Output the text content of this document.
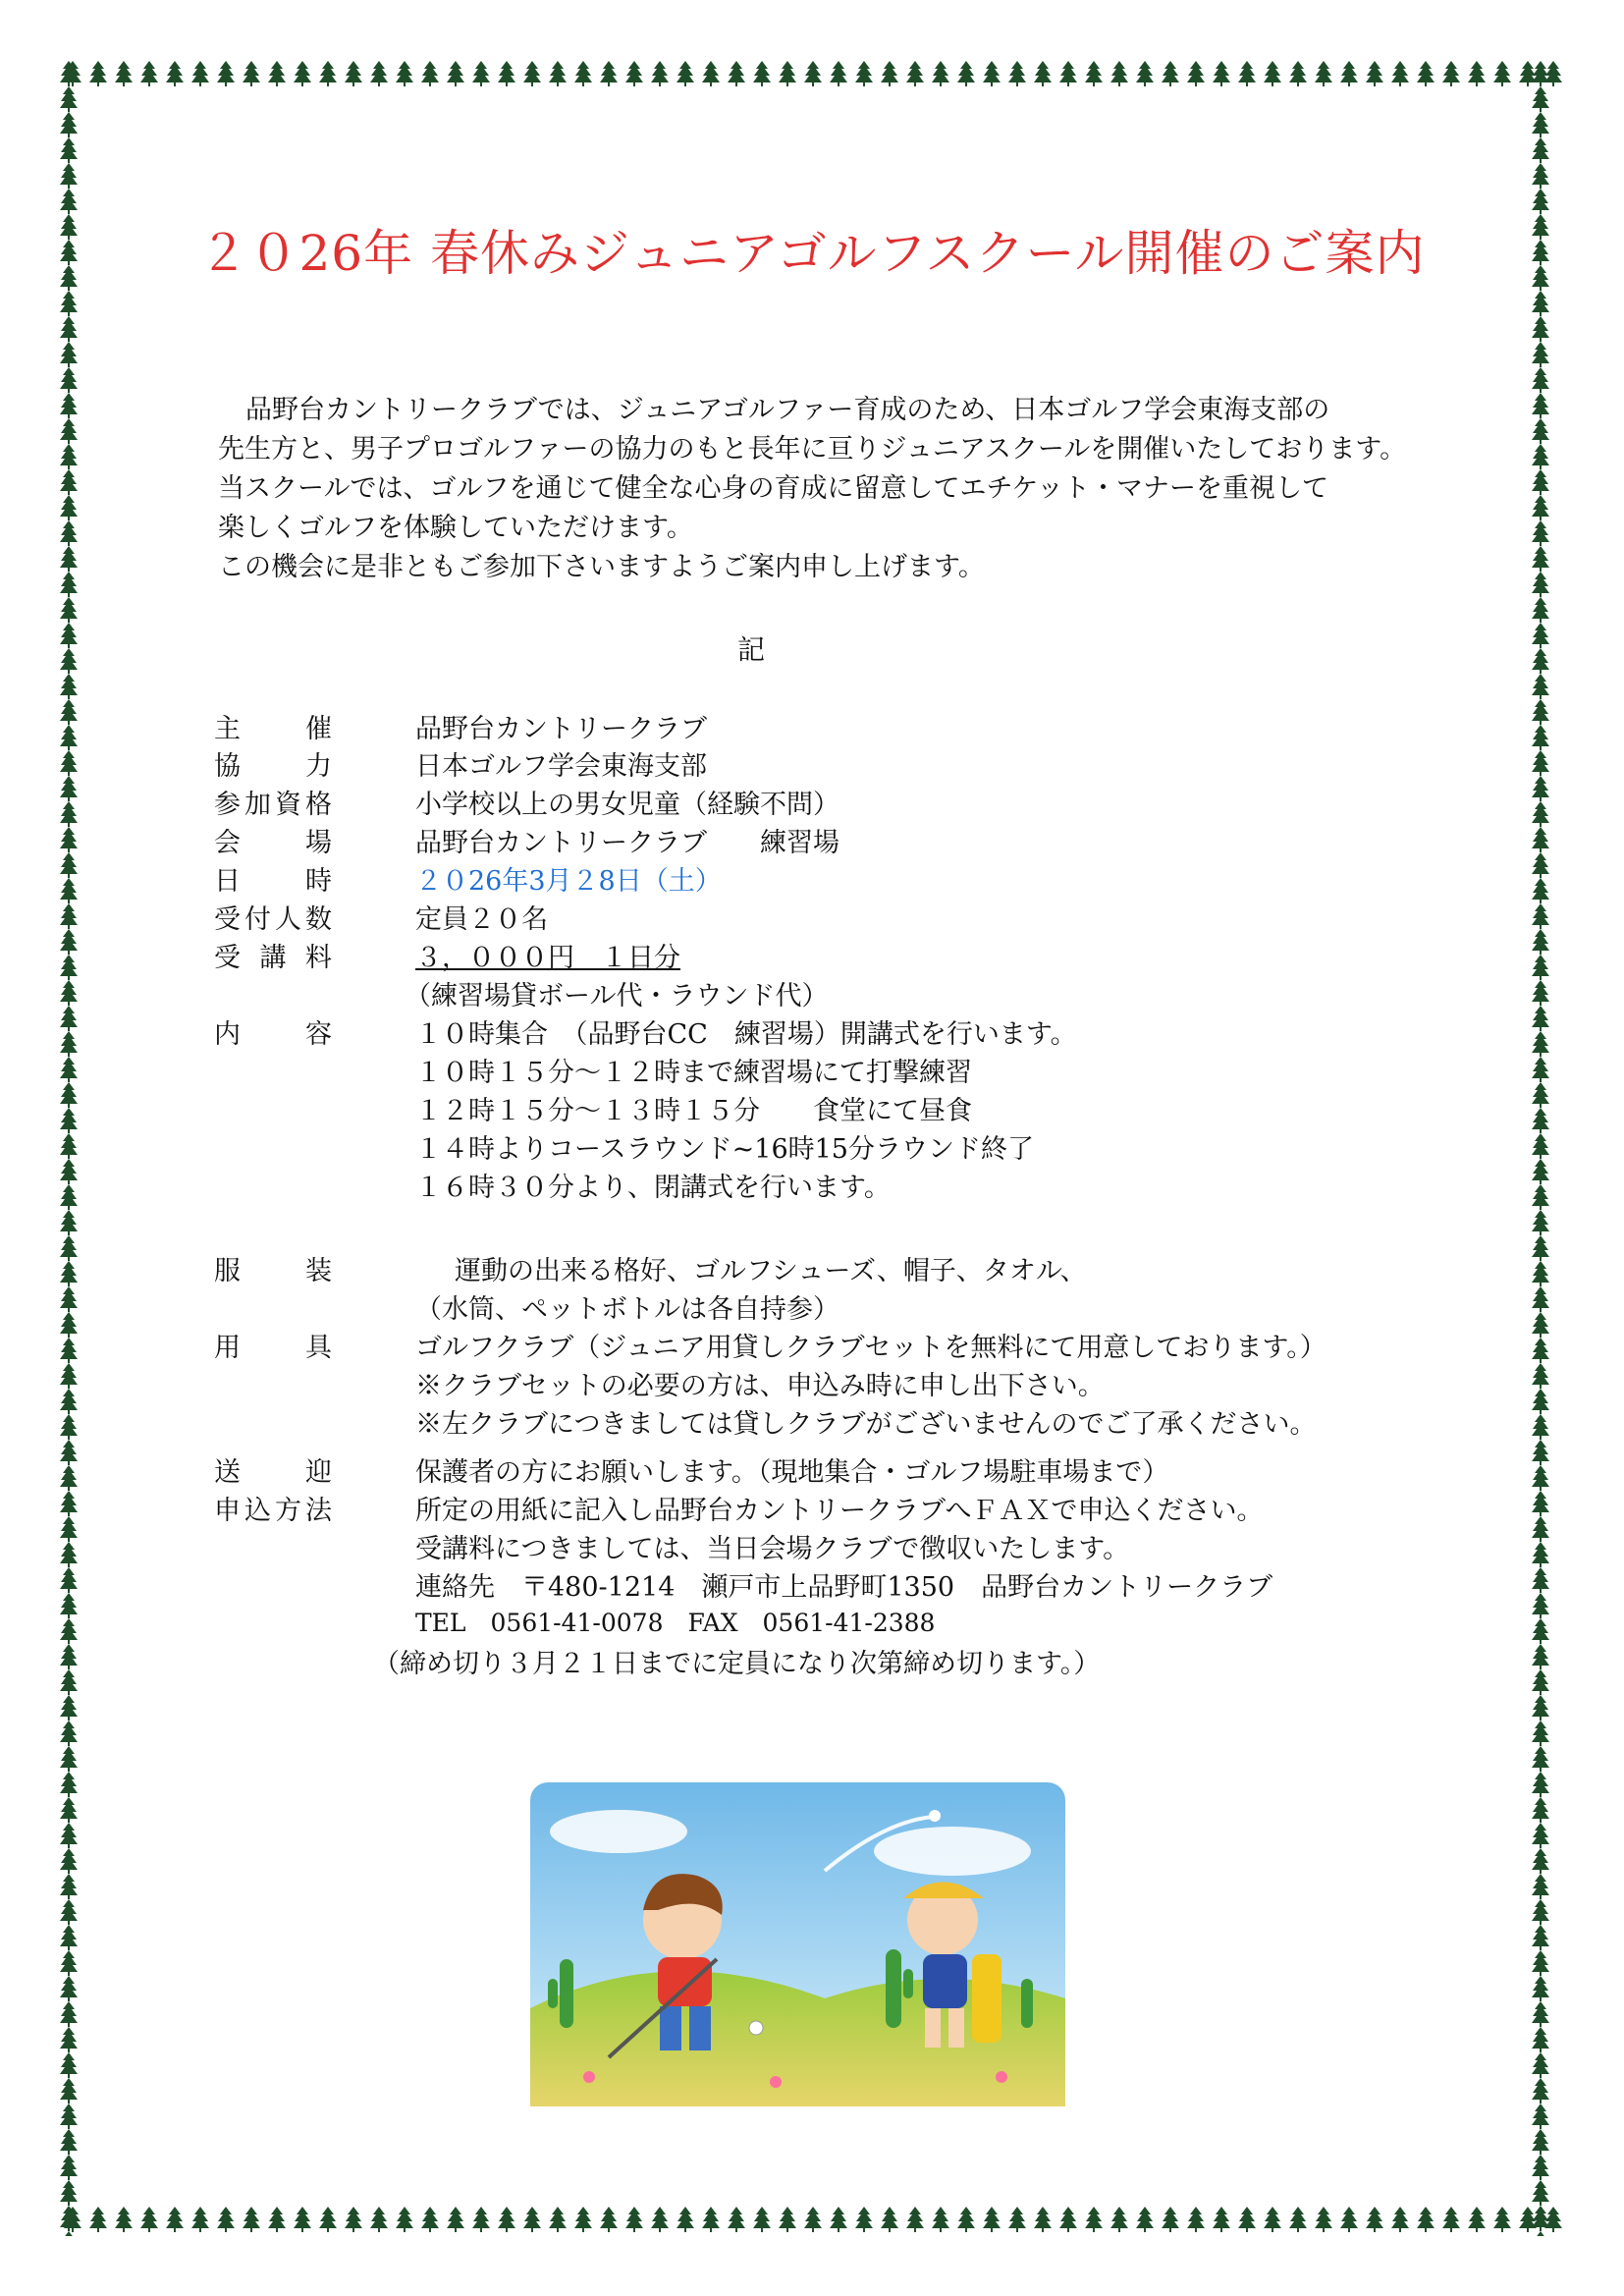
２０26年 春休みジュニアゴルフスクール開催のご案内

品野台カントリークラブでは、ジュニアゴルファー育成のため、日本ゴルフ学会東海支部の

先生方と、男子プロゴルファーの協力のもと長年に亘りジュニアスクールを開催いたしております。

当スクールでは、ゴルフを通じて健全な心身の育成に留意してエチケット・マナーを重視して

楽しくゴルフを体験していただけます。

この機会に是非ともご参加下さいますようご案内申し上げます。

記
主　催	品野台カントリークラブ
協　力	日本ゴルフ学会東海支部
参加資格	小学校以上の男女児童（経験不問）
会　場	品野台カントリークラブ　　練習場
日　時	２０26年3月２8日（土）
受付人数	定員２０名
受講料	３，０００円　１日分
（練習場貸ボール代・ラウンド代）
内　容	１０時集合　（品野台CC　練習場）開講式を行います。
１０時１５分～１２時まで練習場にて打撃練習
１２時１５分～１３時１５分　　食堂にて昼食
１４時よりコースラウンド~16時15分ラウンド終了
１６時３０分より、閉講式を行います。
服　装	運動の出来る格好、ゴルフシューズ、帽子、タオル、
（水筒、ペットボトルは各自持参）
用　具	ゴルフクラブ（ジュニア用貸しクラブセットを無料にて用意しております。）
※クラブセットの必要の方は、申込み時に申し出下さい。
※左クラブにつきましては貸しクラブがございませんのでご了承ください。
送　迎	保護者の方にお願いします。（現地集合・ゴルフ場駐車場まで）
申込方法	所定の用紙に記入し品野台カントリークラブへＦＡＸで申込ください。
受講料につきましては、当日会場クラブで徴収いたします。
連絡先　〒480-1214　瀬戸市上品野町1350　品野台カントリークラブ
TEL　0561-41-0078　FAX　0561-41-2388
（締め切り３月２１日までに定員になり次第締め切ります。）
